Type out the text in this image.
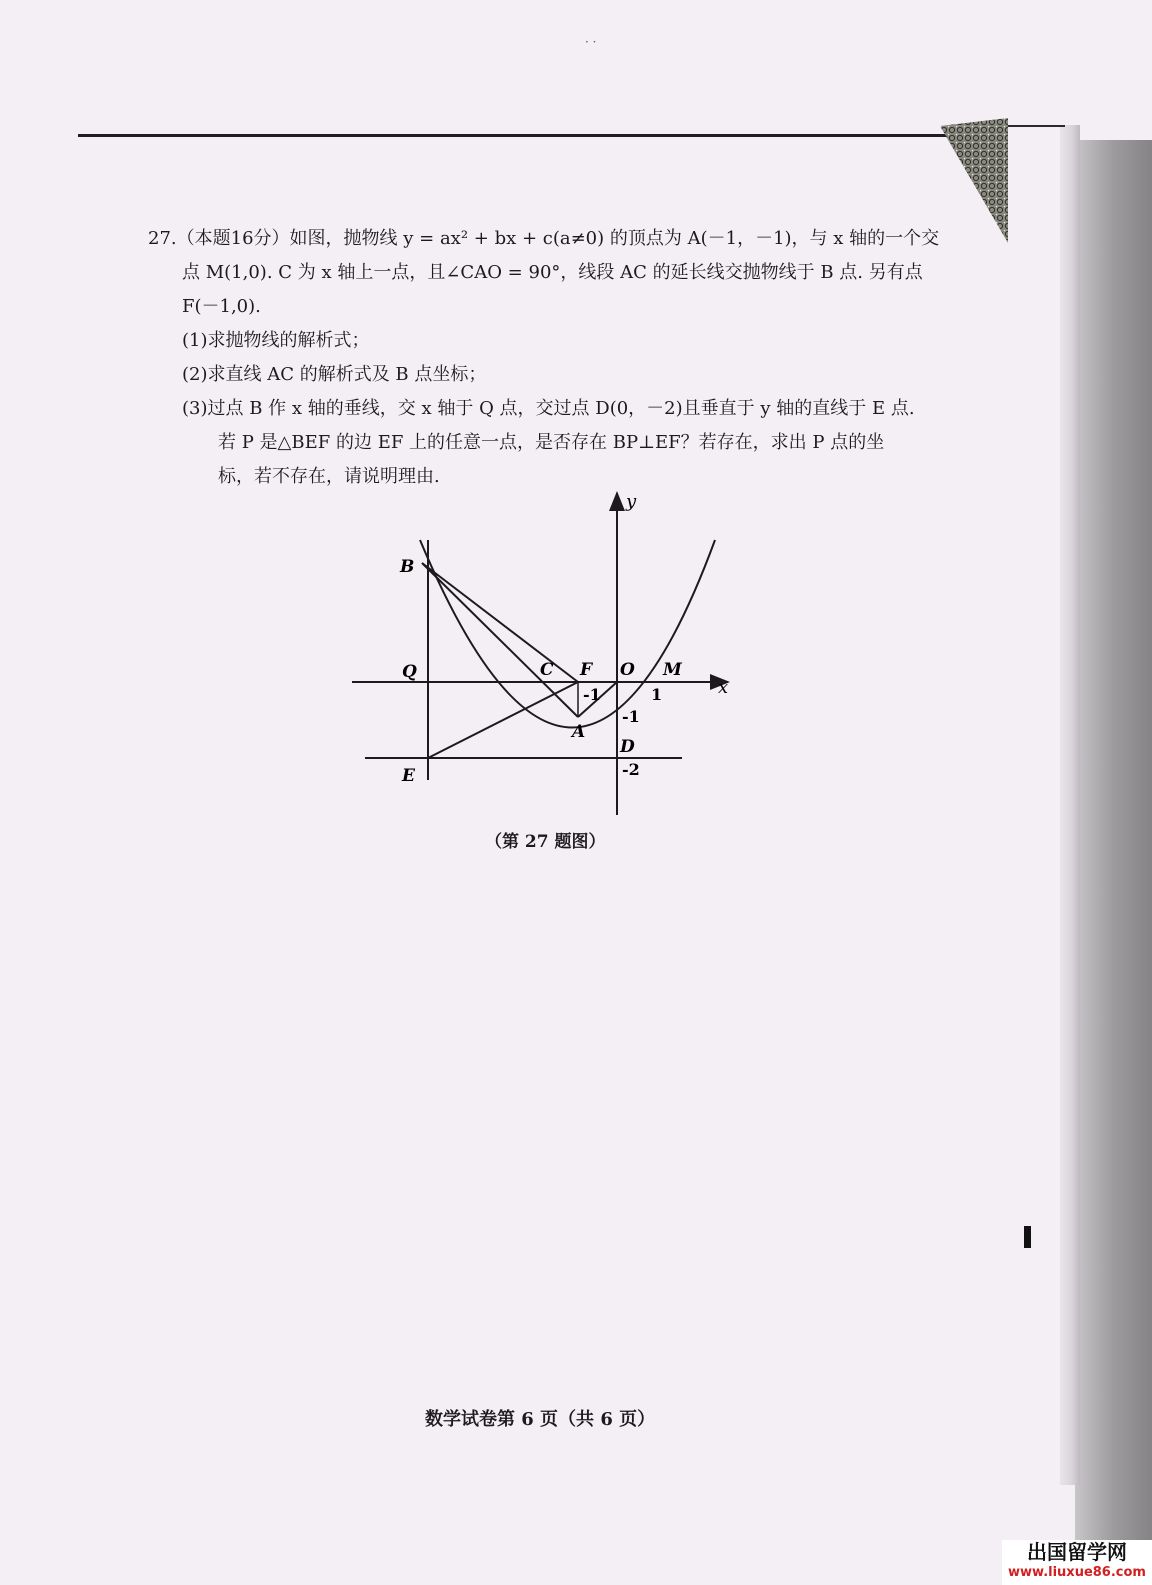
· ·

27.（本题16分）如图，抛物线 y = ax² + bx + c(a≠0) 的顶点为 A(－1，－1)，与 x 轴的一个交

点 M(1,0). C 为 x 轴上一点，且∠CAO = 90°，线段 AC 的延长线交抛物线于 B 点. 另有点

F(－1,0).

(1)求抛物线的解析式；

(2)求直线 AC 的解析式及 B 点坐标；

(3)过点 B 作 x 轴的垂线，交 x 轴于 Q 点，交过点 D(0，－2)且垂直于 y 轴的直线于 E 点.

若 P 是△BEF 的边 EF 上的任意一点，是否存在 BP⊥EF？若存在，求出 P 点的坐

标，若不存在，请说明理由.

y
x
B
Q	C F O M
A
D
E
-1	1
-1
-2
（第 27 题图）
数学试卷第 6 页（共 6 页）
出国留学网
www.liuxue86.com
